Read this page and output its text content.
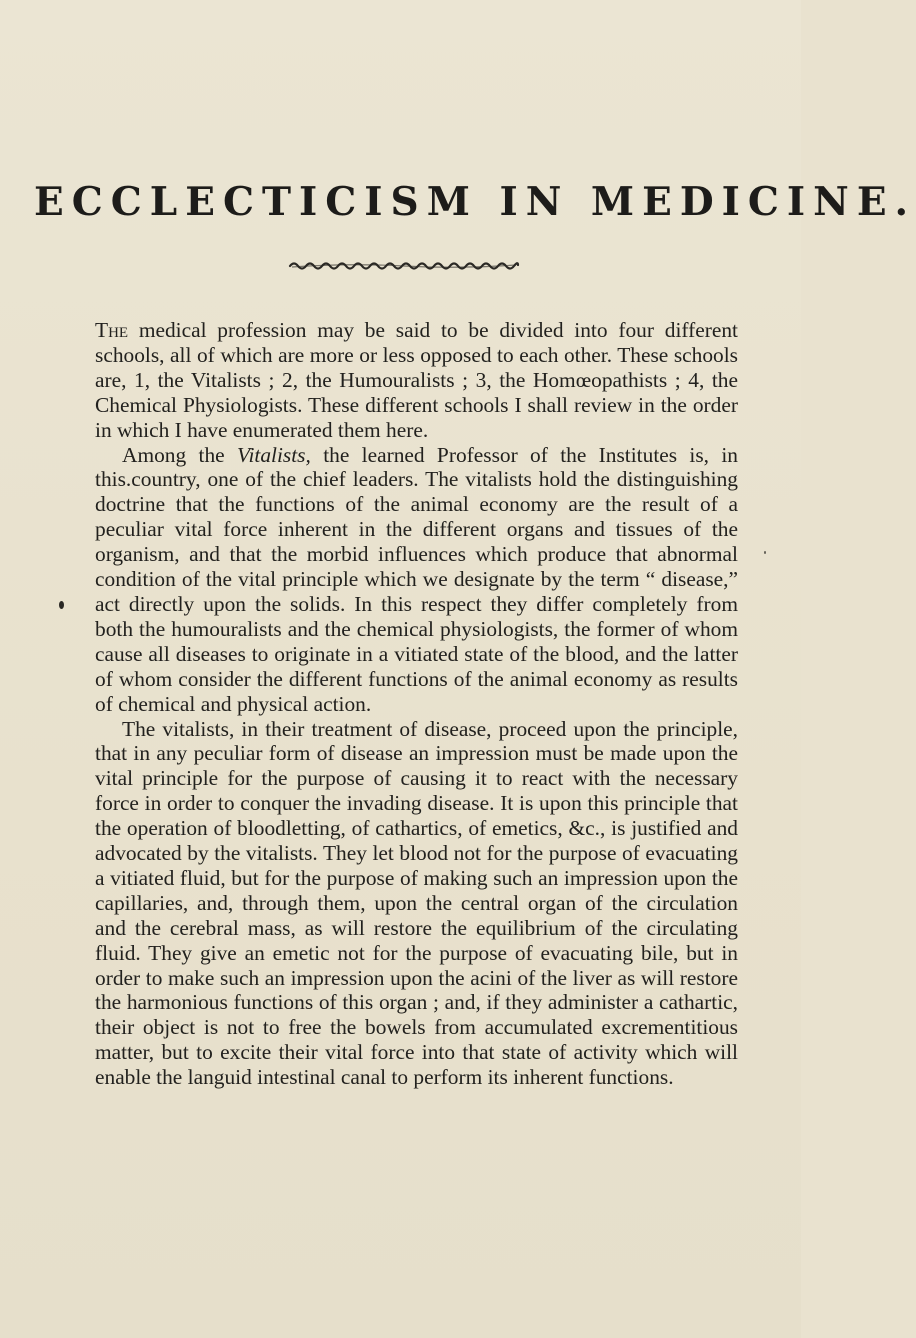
ECCLECTICISM IN MEDICINE.

The medical profession may be said to be divided into four different schools, all of which are more or less opposed to each other. These schools are, 1, the Vitalists ; 2, the Humouralists ; 3, the Homœopathists ; 4, the Chemical Physiologists. These different schools I shall review in the order in which I have enumerated them here.

Among the Vitalists, the learned Professor of the Institutes is, in this.country, one of the chief leaders. The vitalists hold the distinguishing doctrine that the functions of the animal economy are the result of a peculiar vital force inherent in the different organs and tissues of the organism, and that the morbid influences which produce that abnormal condition of the vital principle which we designate by the term “ disease,” act directly upon the solids. In this respect they differ completely from both the humouralists and the chemical physiologists, the former of whom cause all diseases to originate in a vitiated state of the blood, and the latter of whom consider the different functions of the animal economy as results of chemical and physical action.

The vitalists, in their treatment of disease, proceed upon the principle, that in any peculiar form of disease an impression must be made upon the vital principle for the purpose of causing it to react with the necessary force in order to conquer the invading disease. It is upon this principle that the operation of bloodletting, of cathartics, of emetics, &c., is justified and advocated by the vitalists. They let blood not for the purpose of evacuating a vitiated fluid, but for the purpose of making such an impression upon the capillaries, and, through them, upon the central organ of the circulation and the cerebral mass, as will restore the equilibrium of the circulating fluid. They give an emetic not for the purpose of evacuating bile, but in order to make such an impression upon the acini of the liver as will restore the harmonious functions of this organ ; and, if they administer a cathartic, their object is not to free the bowels from accumulated excrementitious matter, but to excite their vital force into that state of activity which will enable the languid intestinal canal to perform its inherent functions.
